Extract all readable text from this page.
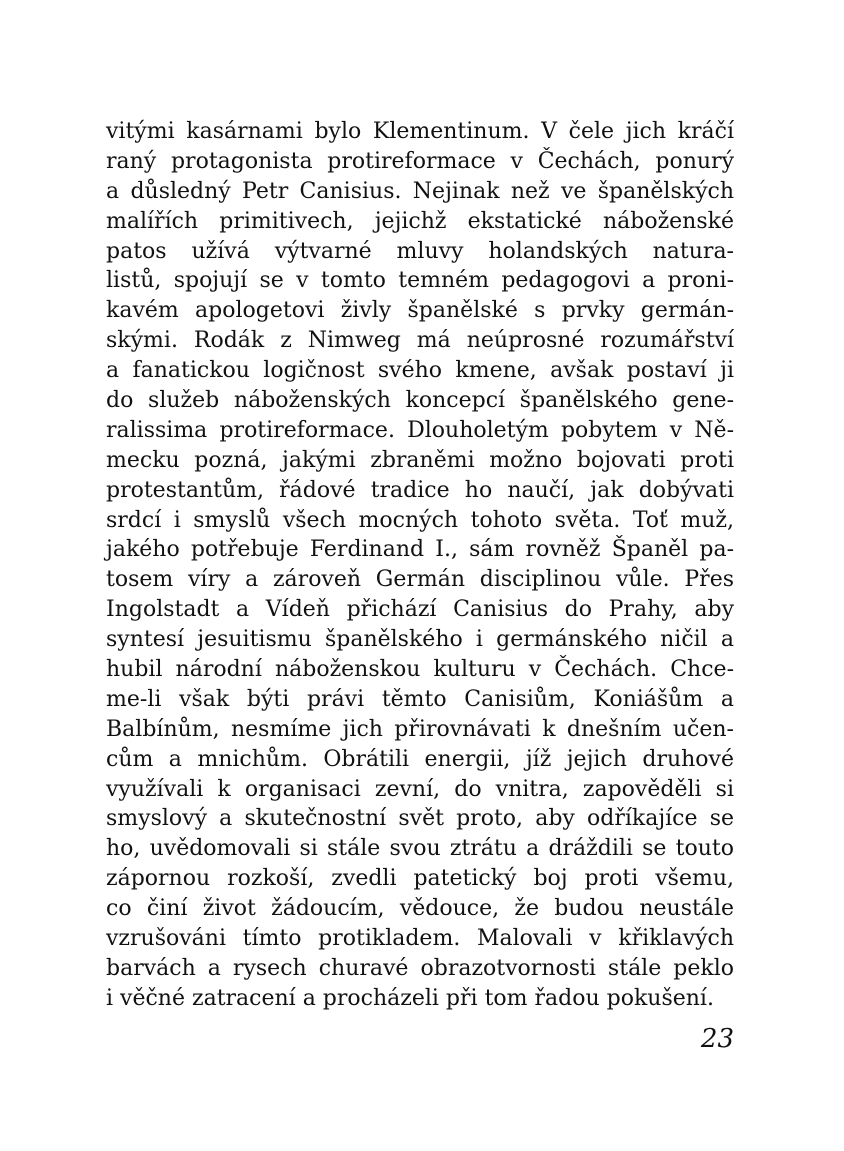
vitými kasárnami bylo Klementinum. V čele jich kráčí
raný protagonista protireformace v Čechách, ponurý
a důsledný Petr Canisius. Nejinak než ve španělských
malířích primitivech, jejichž ekstatické náboženské
patos užívá výtvarné mluvy holandských natura-
listů, spojují se v tomto temném pedagogovi a proni-
kavém apologetovi živly španělské s prvky germán-
skými. Rodák z Nimweg má neúprosné rozumářství
a fanatickou logičnost svého kmene, avšak postaví ji
do služeb náboženských koncepcí španělského gene-
ralissima protireformace. Dlouholetým pobytem v Ně-
mecku pozná, jakými zbraněmi možno bojovati proti
protestantům, řádové tradice ho naučí, jak dobývati
srdcí i smyslů všech mocných tohoto světa. Toť muž,
jakého potřebuje Ferdinand I., sám rovněž Španěl pa-
tosem víry a zároveň Germán disciplinou vůle. Přes
Ingolstadt a Vídeň přichází Canisius do Prahy, aby
syntesí jesuitismu španělského i germánského ničil a
hubil národní náboženskou kulturu v Čechách. Chce-
me-li však býti právi těmto Canisiům, Koniášům a
Balbínům, nesmíme jich přirovnávati k dnešním učen-
cům a mnichům. Obrátili energii, jíž jejich druhové
využívali k organisaci zevní, do vnitra, zapověděli si
smyslový a skutečnostní svět proto, aby odříkajíce se
ho, uvědomovali si stále svou ztrátu a dráždili se touto
zápornou rozkoší, zvedli patetický boj proti všemu,
co činí život žádoucím, vědouce, že budou neustále
vzrušováni tímto protikladem. Malovali v křiklavých
barvách a rysech churavé obrazotvornosti stále peklo
i věčné zatracení a procházeli při tom řadou pokušení.
23
